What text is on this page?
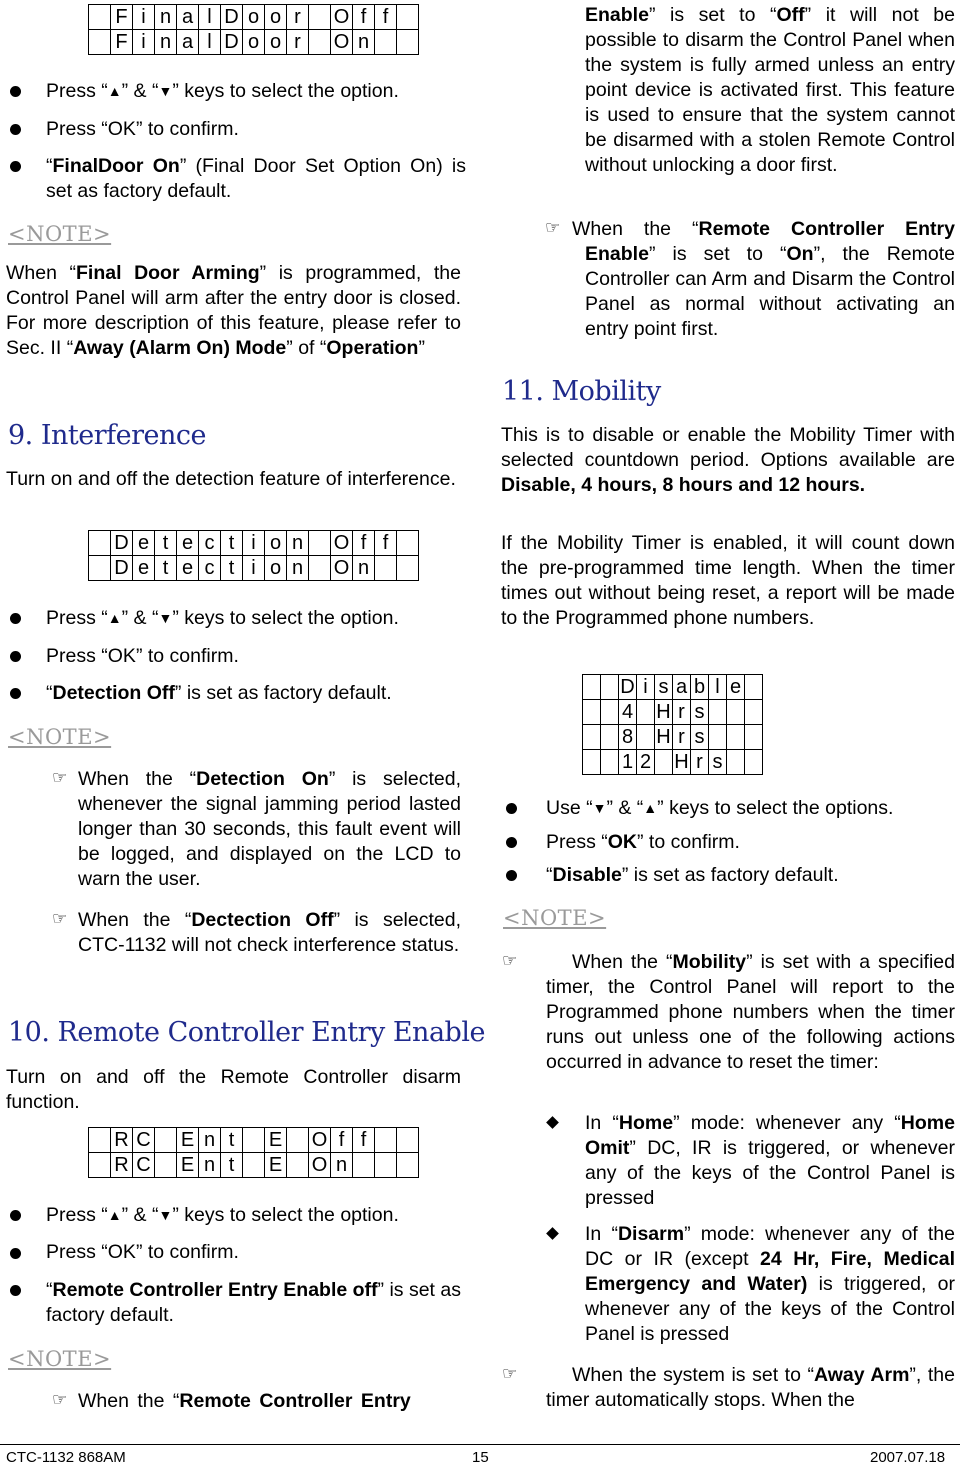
	F	i	n	a	l	D	o	o	r		O	f	f	
	F	i	n	a	l	D	o	o	r		O	n		
Press “▲” & “▼” keys to select the option.
Press “OK” to confirm.
“FinalDoor On” (Final Door Set Option On) is set as factory default.
<NOTE>
When “Final Door Arming” is programmed, the Control Panel will arm after the entry door is closed. For more description of this feature, please refer to Sec. II “Away (Alarm On) Mode” of “Operation”
9. Interference
Turn on and off the detection feature of interference.
	D	e	t	e	c	t	i	o	n		O	f	f	
	D	e	t	e	c	t	i	o	n		O	n		
Press “▲” & “▼” keys to select the option.
Press “OK” to confirm.
“Detection Off” is set as factory default.
<NOTE>
☞ When the “Detection On” is selected, whenever the signal jamming period lasted longer than 30 seconds, this fault event will be logged, and displayed on the LCD to warn the user.
☞ When the “Dectection Off” is selected, CTC-1132 will not check interference status.
10. Remote Controller Entry Enable
Turn on and off the Remote Controller disarm function.
	R	C		E	n	t		E		O	f	f		
	R	C		E	n	t		E		O	n			
Press “▲” & “▼” keys to select the option.
Press “OK” to confirm.
“Remote Controller Entry Enable off” is set as factory default.
<NOTE>
☞ When the “Remote Controller Entry
Enable” is set to “Off” it will not be possible to disarm the Control Panel when the system is fully armed unless an entry point device is activated first. This feature is used to ensure that the system cannot be disarmed with a stolen Remote Control without unlocking a door first.
☞ When the “Remote Controller Entry Enable” is set to “On”, the Remote Controller can Arm and Disarm the Control Panel as normal without activating an entry point first.
11. Mobility
This is to disable or enable the Mobility Timer with selected countdown period. Options available are Disable, 4 hours, 8 hours and 12 hours.
If the Mobility Timer is enabled, it will count down the pre-programmed time length. When the timer times out without being reset, a report will be made to the Programmed phone numbers.
		D	i	s	a	b	l	e	
		4		H	r	s			
		8		H	r	s			
		1	2		H	r	s		
Use “▼” & “▲” keys to select the options.
Press “OK” to confirm.
“Disable” is set as factory default.
<NOTE>
☞	When the “Mobility” is set with a specified timer, the Control Panel will report to the Programmed phone numbers when the timer runs out unless one of the following actions occurred in advance to reset the timer:
In “Home” mode: whenever any “Home Omit” DC, IR is triggered, or whenever any of the keys of the Control Panel is pressed
In “Disarm” mode: whenever any of the DC or IR (except 24 Hr, Fire, Medical Emergency and Water) is triggered, or whenever any of the keys of the Control Panel is pressed
☞	When the system is set to “Away Arm”, the timer automatically stops. When the
CTC-1132 868AM	15	2007.07.18
